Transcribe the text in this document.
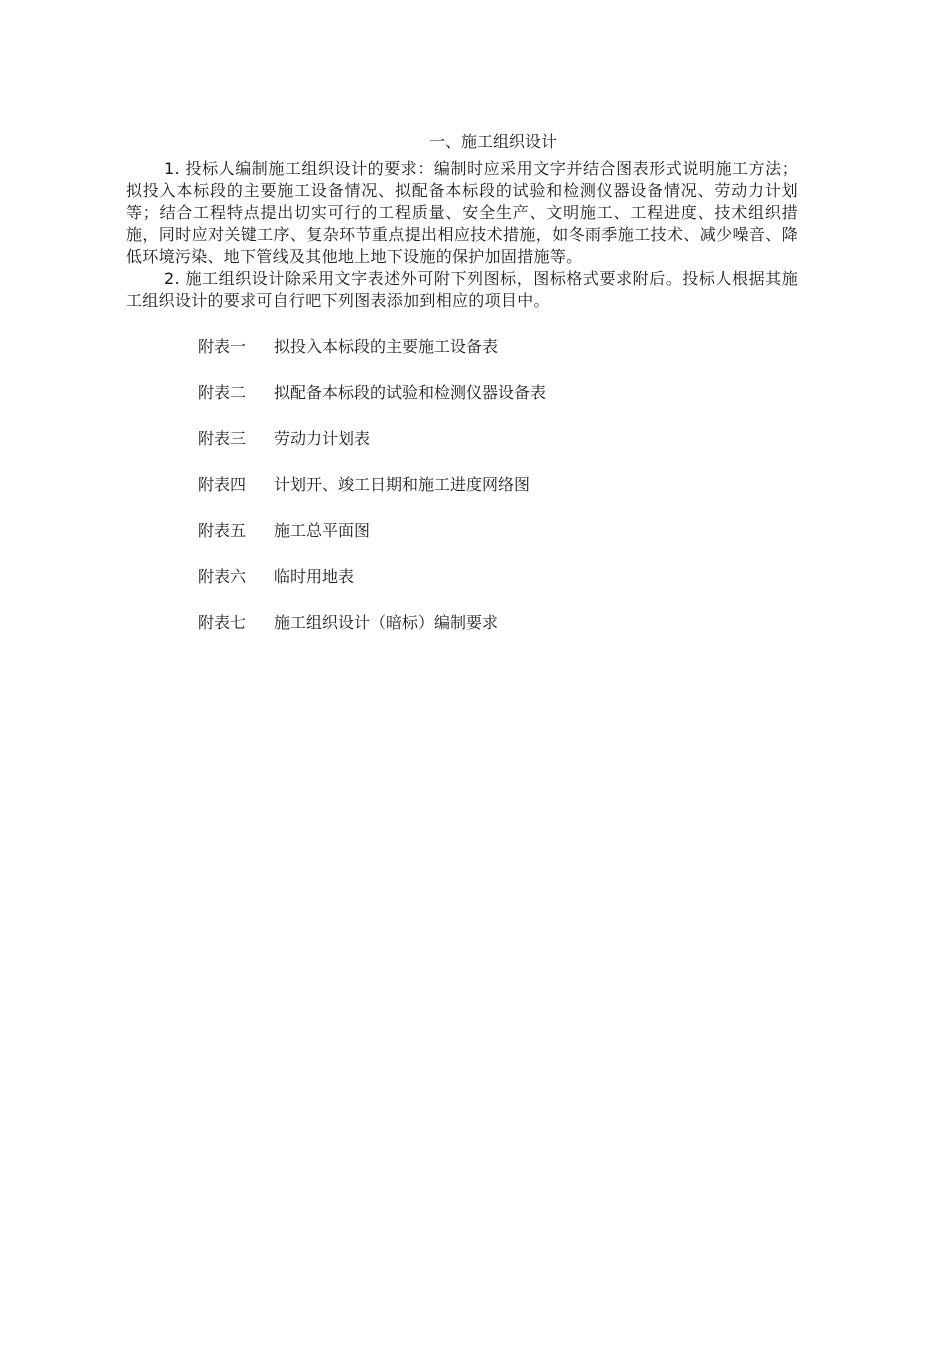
一、施工组织设计

1. 投标人编制施工组织设计的要求：编制时应采用文字并结合图表形式说明施工方法；拟投入本标段的主要施工设备情况、拟配备本标段的试验和检测仪器设备情况、劳动力计划等；结合工程特点提出切实可行的工程质量、安全生产、文明施工、工程进度、技术组织措施，同时应对关键工序、复杂环节重点提出相应技术措施，如冬雨季施工技术、减少噪音、降低环境污染、地下管线及其他地上地下设施的保护加固措施等。

2. 施工组织设计除采用文字表述外可附下列图标，图标格式要求附后。投标人根据其施工组织设计的要求可自行吧下列图表添加到相应的项目中。

附表一 拟投入本标段的主要施工设备表
附表二 拟配备本标段的试验和检测仪器设备表
附表三 劳动力计划表
附表四 计划开、竣工日期和施工进度网络图
附表五 施工总平面图
附表六 临时用地表
附表七 施工组织设计（暗标）编制要求
